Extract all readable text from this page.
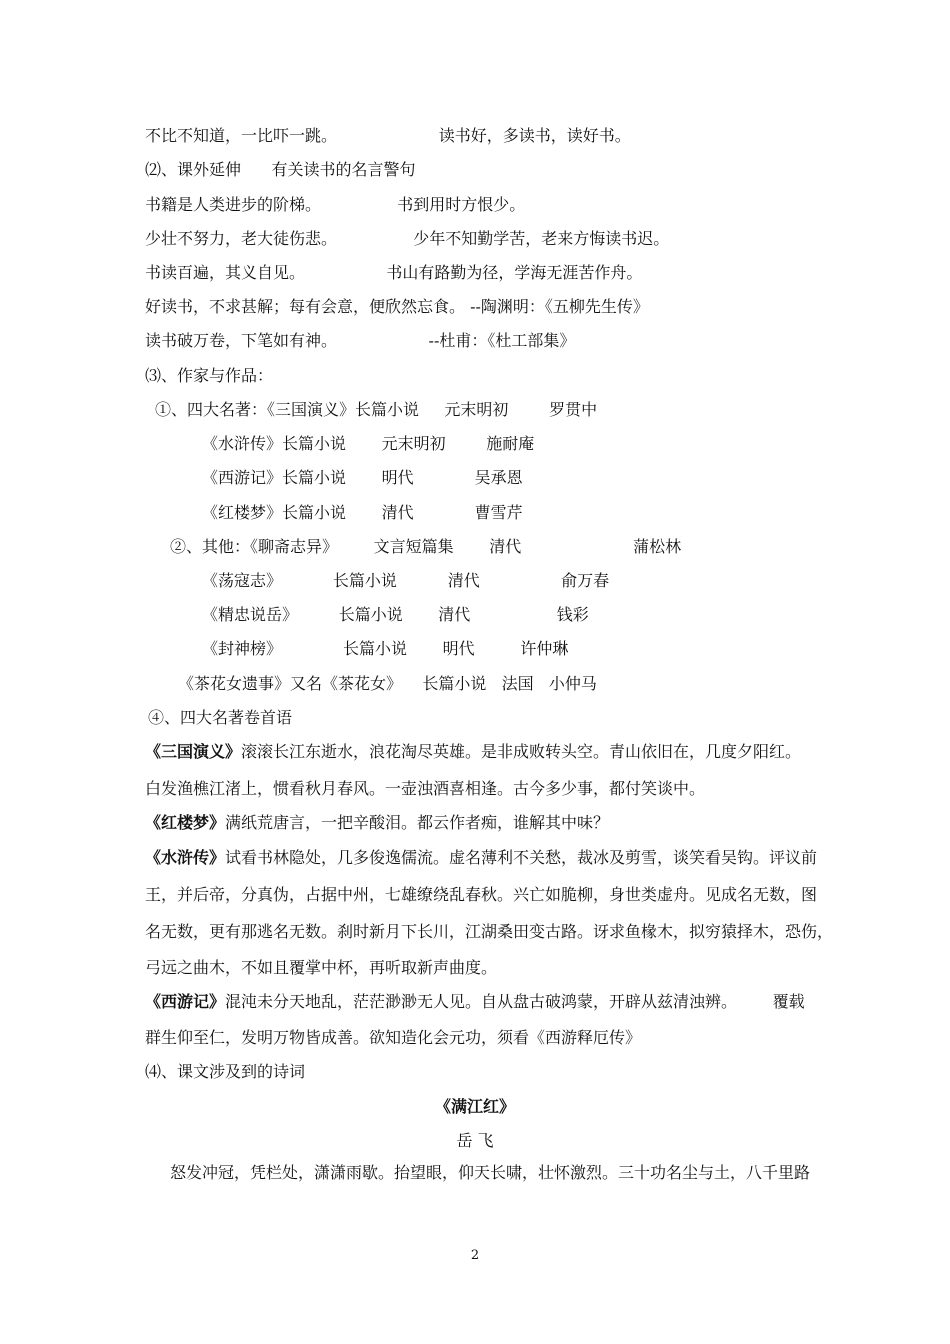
不比不知道，一比吓一跳。                    读书好，多读书，读好书。
⑵、课外延伸      有关读书的名言警句
书籍是人类进步的阶梯。               书到用时方恨少。
少壮不努力，老大徒伤悲。               少年不知勤学苦，老来方悔读书迟。
书读百遍，其义自见。                书山有路勤为径，学海无涯苦作舟。
好读书，不求甚解；每有会意，便欣然忘食。 --陶渊明：《五柳先生传》
读书破万卷，下笔如有神。                  --杜甫：《杜工部集》
⑶、作家与作品：
①、四大名著：《三国演义》长篇小说     元末明初        罗贯中
《水浒传》长篇小说       元末明初        施耐庵
《西游记》长篇小说       明代            吴承恩
《红楼梦》长篇小说       清代            曹雪芹
②、其他：《聊斋志异》       文言短篇集       清代                      蒲松林
《荡寇志》          长篇小说          清代                俞万春
《精忠说岳》        长篇小说       清代                 钱彩
《封神榜》            长篇小说       明代         许仲琳
《茶花女遗事》又名《茶花女》    长篇小说   法国   小仲马
④、四大名著卷首语
《三国演义》滚滚长江东逝水，浪花淘尽英雄。是非成败转头空。青山依旧在，几度夕阳红。
白发渔樵江渚上，惯看秋月春风。一壶浊酒喜相逢。古今多少事，都付笑谈中。
《红楼梦》满纸荒唐言，一把辛酸泪。都云作者痴，谁解其中味？
《水浒传》试看书林隐处，几多俊逸儒流。虚名薄利不关愁，裁冰及剪雪，谈笑看吴钩。评议前
王，并后帝，分真伪，占据中州，七雄缭绕乱春秋。兴亡如脆柳，身世类虚舟。见成名无数，图
名无数，更有那逃名无数。刹时新月下长川，江湖桑田变古路。讶求鱼椽木，拟穷猿择木，恐伤，
弓远之曲木，不如且覆掌中杯，再听取新声曲度。
《西游记》混沌未分天地乱，茫茫渺渺无人见。自从盘古破鸿蒙，开辟从兹清浊辨。       覆载
群生仰至仁，发明万物皆成善。欲知造化会元功，须看《西游释厄传》
⑷、课文涉及到的诗词
《满江红》
岳 飞
怒发冲冠，凭栏处，潇潇雨歇。抬望眼，仰天长啸，壮怀激烈。三十功名尘与土，八千里路
2
